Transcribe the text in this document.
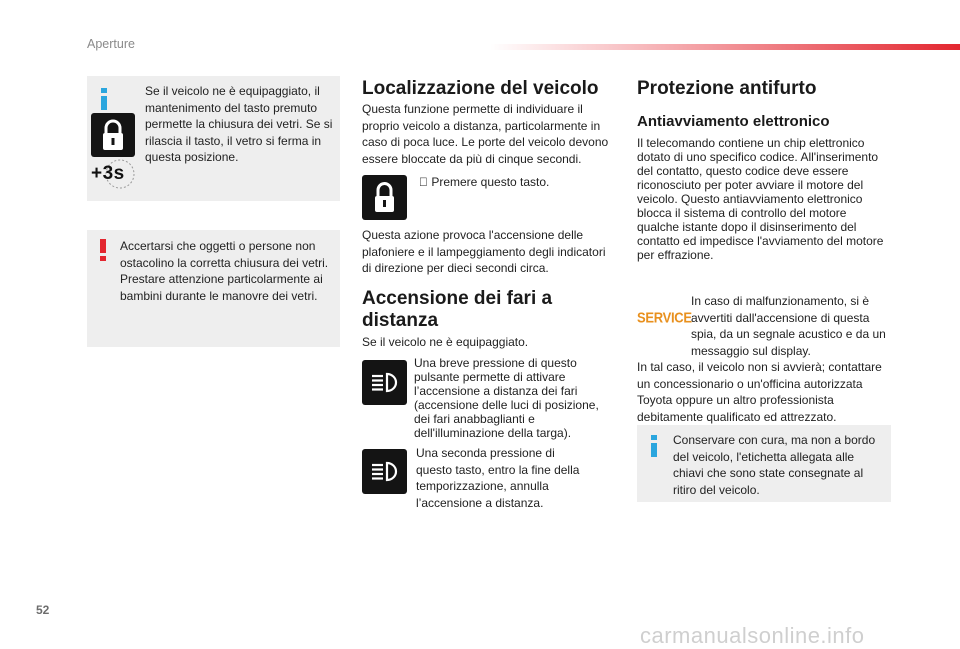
Aperture
+3s

Se il veicolo ne è equipaggiato, il mantenimento del tasto premuto permette la chiusura dei vetri. Se si rilascia il tasto, il vetro si ferma in questa posizione.

Accertarsi che oggetti o persone non ostacolino la corretta chiusura dei vetri. Prestare attenzione particolarmente ai bambini durante le manovre dei vetri.

Localizzazione del veicolo
Questa funzione permette di individuare il proprio veicolo a distanza, particolarmente in caso di poca luce. Le porte del veicolo devono essere bloccate da più di cinque secondi.
Premere questo tasto.
Questa azione provoca l'accensione delle plafoniere e il lampeggiamento degli indicatori di direzione per dieci secondi circa.
Accensione dei fari a
distanza
Se il veicolo ne è equipaggiato.
Una breve pressione di questo pulsante permette di attivare l’accensione a distanza dei fari (accensione delle luci di posizione, dei fari anabbaglianti e dell'illuminazione della targa).
Una seconda pressione di questo tasto, entro la fine della temporizzazione, annulla l’accensione a distanza.
Protezione antifurto
Antiavviamento elettronico
Il telecomando contiene un chip elettronico dotato di uno specifico codice. All'inserimento del contatto, questo codice deve essere riconosciuto per poter avviare il motore del veicolo. Questo antiavviamento elettronico blocca il sistema di controllo del motore qualche istante dopo il disinserimento del contatto ed impedisce l'avviamento del motore per effrazione.
SERVICE
In caso di malfunzionamento, si è avvertiti dall'accensione di questa spia, da un segnale acustico e da un messaggio sul display.
In tal caso, il veicolo non si avvierà; contattare un concessionario o un'officina autorizzata Toyota oppure un altro professionista debitamente qualificato ed attrezzato.

Conservare con cura, ma non a bordo del veicolo, l'etichetta allegata alle chiavi che sono state consegnate al ritiro del veicolo.

52
carmanualsonline.info
